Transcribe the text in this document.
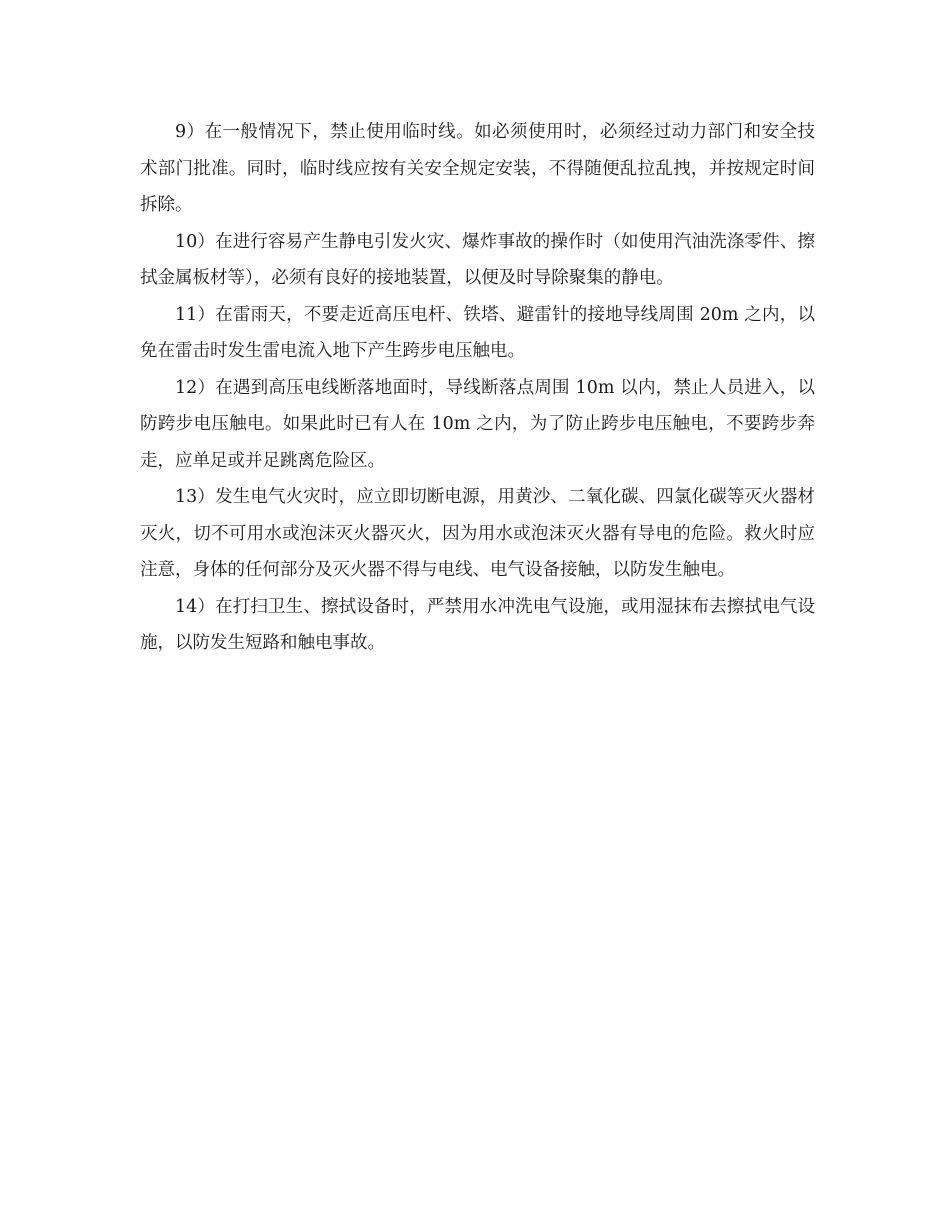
9）在一般情况下，禁止使用临时线。如必须使用时，必须经过动力部门和安全技术部门批准。同时，临时线应按有关安全规定安装，不得随便乱拉乱拽，并按规定时间拆除。

10）在进行容易产生静电引发火灾、爆炸事故的操作时（如使用汽油洗涤零件、擦拭金属板材等），必须有良好的接地装置，以便及时导除聚集的静电。

11）在雷雨天，不要走近高压电杆、铁塔、避雷针的接地导线周围 20m 之内，以免在雷击时发生雷电流入地下产生跨步电压触电。

12）在遇到高压电线断落地面时，导线断落点周围 10m 以内，禁止人员进入，以防跨步电压触电。如果此时已有人在 10m 之内，为了防止跨步电压触电，不要跨步奔走，应单足或并足跳离危险区。

13）发生电气火灾时，应立即切断电源，用黄沙、二氧化碳、四氯化碳等灭火器材灭火，切不可用水或泡沫灭火器灭火，因为用水或泡沫灭火器有导电的危险。救火时应注意，身体的任何部分及灭火器不得与电线、电气设备接触，以防发生触电。

14）在打扫卫生、擦拭设备时，严禁用水冲洗电气设施，或用湿抹布去擦拭电气设施，以防发生短路和触电事故。
